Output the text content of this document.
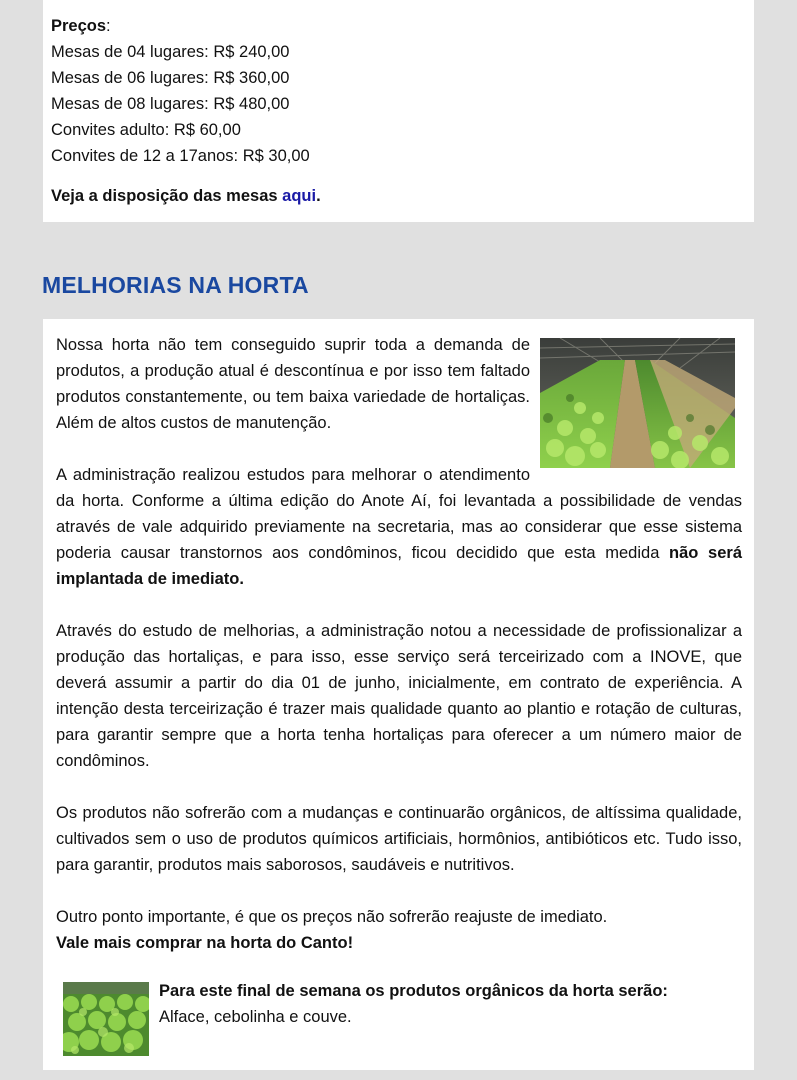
Preços:

Mesas de 04 lugares: R$ 240,00

Mesas de 06 lugares: R$ 360,00

Mesas de 08 lugares: R$ 480,00

Convites adulto: R$ 60,00

Convites de 12 a 17anos: R$ 30,00

Veja a disposição das mesas aqui.

MELHORIAS NA HORTA

Nossa horta não tem conseguido suprir toda a demanda de produtos, a produção atual é descontínua e por isso tem faltado produtos constantemente, ou tem baixa variedade de hortaliças. Além de altos custos de manutenção.

A administração realizou estudos para melhorar o atendimento da horta. Conforme a última edição do Anote Aí, foi levantada a possibilidade de vendas através de vale adquirido previamente na secretaria, mas ao considerar que esse sistema poderia causar transtornos aos condôminos, ficou decidido que esta medida não será implantada de imediato.

Através do estudo de melhorias, a administração notou a necessidade de profissionalizar a produção das hortaliças, e para isso, esse serviço será terceirizado com a INOVE, que deverá assumir a partir do dia 01 de junho, inicialmente, em contrato de experiência. A intenção desta terceirização é trazer mais qualidade quanto ao plantio e rotação de culturas, para garantir sempre que a horta tenha hortaliças para oferecer a um número maior de condôminos.

Os produtos não sofrerão com a mudanças e continuarão orgânicos, de altíssima qualidade, cultivados sem o uso de produtos químicos artificiais, hormônios, antibióticos etc. Tudo isso, para garantir, produtos mais saborosos, saudáveis e nutritivos.

Outro ponto importante, é que os preços não sofrerão reajuste de imediato.

Vale mais comprar na horta do Canto!

Para este final de semana os produtos orgânicos da horta serão:

Alface, cebolinha e couve.
